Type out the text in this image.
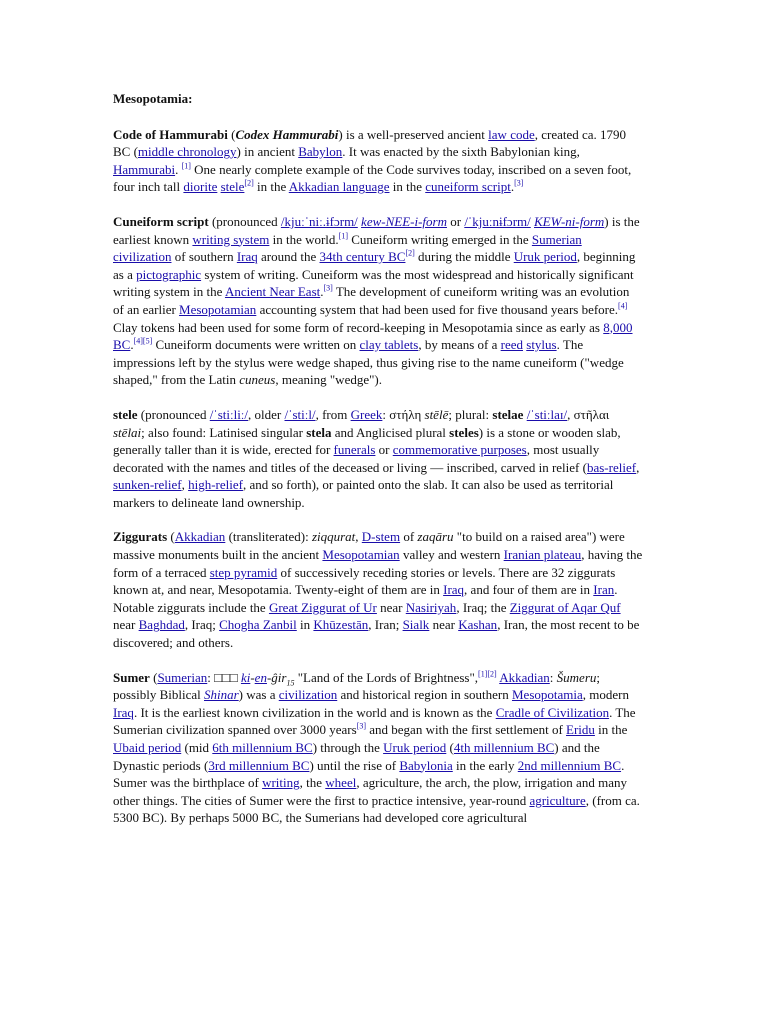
Mesopotamia:

Code of Hammurabi (Codex Hammurabi) is a well-preserved ancient law code, created ca. 1790 BC (middle chronology) in ancient Babylon. It was enacted by the sixth Babylonian king, Hammurabi. [1] One nearly complete example of the Code survives today, inscribed on a seven foot, four inch tall diorite stele[2] in the Akkadian language in the cuneiform script.[3]

Cuneiform script (pronounced /kjuːˈniː.ɨfɔrm/ kew-NEE-i-form or /ˈkjuːnɨfɔrm/ KEW-ni-form) is the earliest known writing system in the world.[1] Cuneiform writing emerged in the Sumerian civilization of southern Iraq around the 34th century BC[2] during the middle Uruk period, beginning as a pictographic system of writing. Cuneiform was the most widespread and historically significant writing system in the Ancient Near East.[3] The development of cuneiform writing was an evolution of an earlier Mesopotamian accounting system that had been used for five thousand years before.[4] Clay tokens had been used for some form of record-keeping in Mesopotamia since as early as 8,000 BC.[4][5] Cuneiform documents were written on clay tablets, by means of a reed stylus. The impressions left by the stylus were wedge shaped, thus giving rise to the name cuneiform ("wedge shaped," from the Latin cuneus, meaning "wedge").

stele (pronounced /ˈstiːliː/, older /ˈstiːl/, from Greek: στήλη stēlē; plural: stelae /ˈstiːlaɪ/, στῆλαι stēlai; also found: Latinised singular stela and Anglicised plural steles) is a stone or wooden slab, generally taller than it is wide, erected for funerals or commemorative purposes, most usually decorated with the names and titles of the deceased or living — inscribed, carved in relief (bas-relief, sunken-relief, high-relief, and so forth), or painted onto the slab. It can also be used as territorial markers to delineate land ownership.

Ziggurats (Akkadian (transliterated): ziqqurat, D-stem of zaqāru "to build on a raised area") were massive monuments built in the ancient Mesopotamian valley and western Iranian plateau, having the form of a terraced step pyramid of successively receding stories or levels. There are 32 ziggurats known at, and near, Mesopotamia. Twenty-eight of them are in Iraq, and four of them are in Iran. Notable ziggurats include the Great Ziggurat of Ur near Nasiriyah, Iraq; the Ziggurat of Aqar Quf near Baghdad, Iraq; Chogha Zanbil in Khūzestān, Iran; Sialk near Kashan, Iran, the most recent to be discovered; and others.

Sumer (Sumerian: □□□ ki-en-ĝir$_{15}$ "Land of the Lords of Brightness",[1][2] Akkadian: Šumeru; possibly Biblical Shinar) was a civilization and historical region in southern Mesopotamia, modern Iraq. It is the earliest known civilization in the world and is known as the Cradle of Civilization. The Sumerian civilization spanned over 3000 years[3] and began with the first settlement of Eridu in the Ubaid period (mid 6th millennium BC) through the Uruk period (4th millennium BC) and the Dynastic periods (3rd millennium BC) until the rise of Babylonia in the early 2nd millennium BC. Sumer was the birthplace of writing, the wheel, agriculture, the arch, the plow, irrigation and many other things. The cities of Sumer were the first to practice intensive, year-round agriculture, (from ca. 5300 BC). By perhaps 5000 BC, the Sumerians had developed core agricultural
